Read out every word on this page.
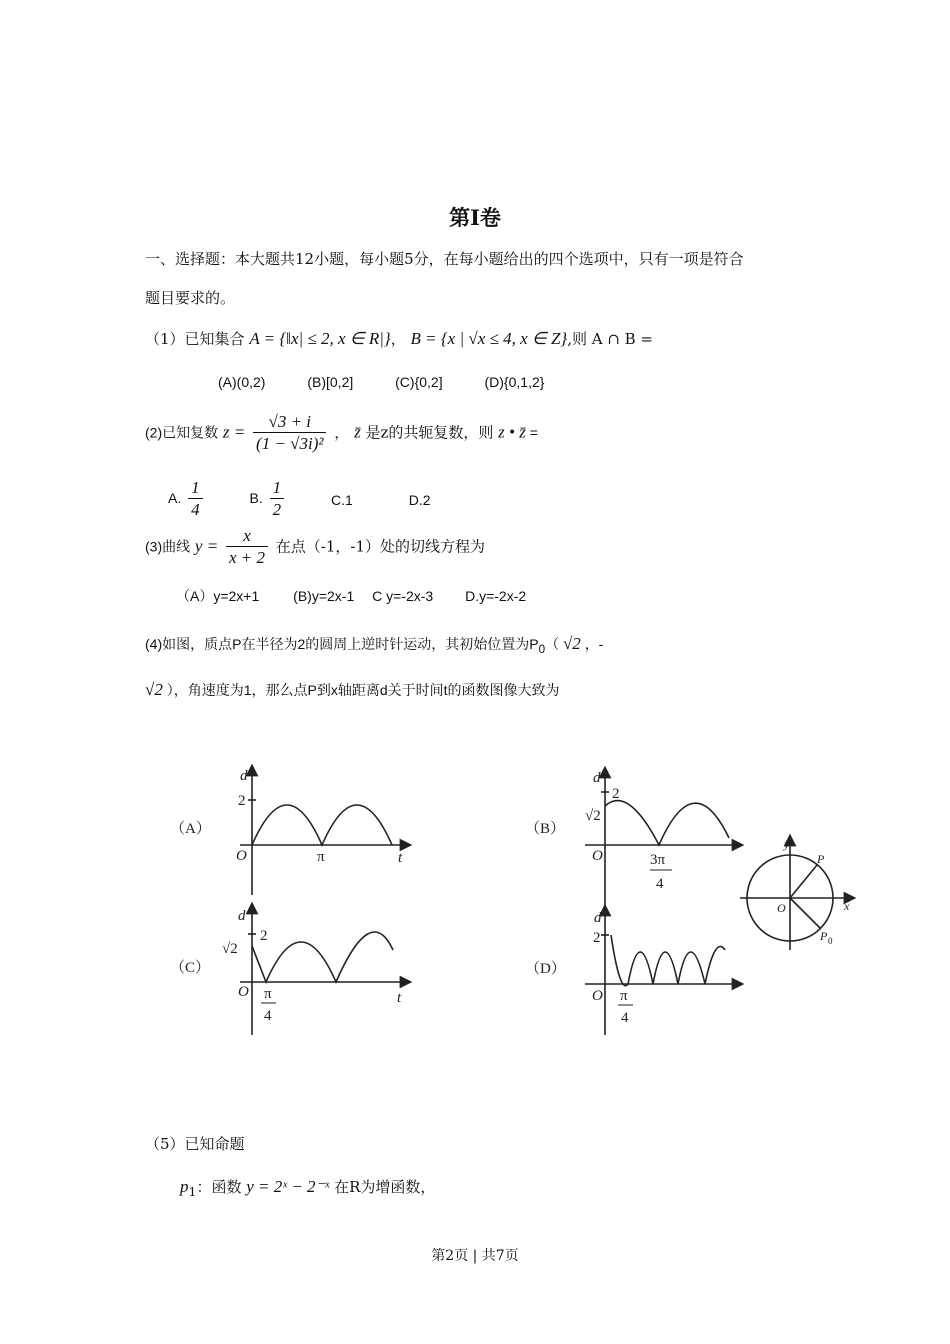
第Ⅰ卷
一、选择题：本大题共12小题，每小题5分，在每小题给出的四个选项中，只有一项是符合
题目要求的。
（1）已知集合 A = {‖x| ≤ 2, x ∈ R|}， B = {x | √x ≤ 4, x ∈ Z},则 A ∩ B =
(A)(0,2)	(B)[0,2]	(C){0,2]	(D){0,1,2}
(2)已知复数 $z = \frac{√3 + i}{\text{(1 − √3i)²}}$ ， z̄ 是z的共轭复数，则 z • z̄ =
A. $\frac{1}{4}$	B. $\frac{1}{2}$	C.1	D.2
(3)曲线 $y = \frac{x}{x + 2}$ 在点（-1，-1）处的切线方程为
（A）y=2x+1 (B)y=2x-1 C y=-2x-3 D.y=-2x-2
(4)如图，质点P在半径为2的圆周上逆时针运动，其初始位置为$P_0$（ √2 ，-
√2 ），角速度为1，那么点P到x轴距离d关于时间t的函数图像大致为
（A）
d
2
O	π	t
（B）
d
2
√2
O	3π
4
（C）
d
2
√2
O π
4
t
（D）
d
2
O π
4
y
x
O
P
P 0
（5）已知命题
$p_1$：函数 y = 2ˣ − 2⁻ˣ 在R为增函数，
第2页 | 共7页
